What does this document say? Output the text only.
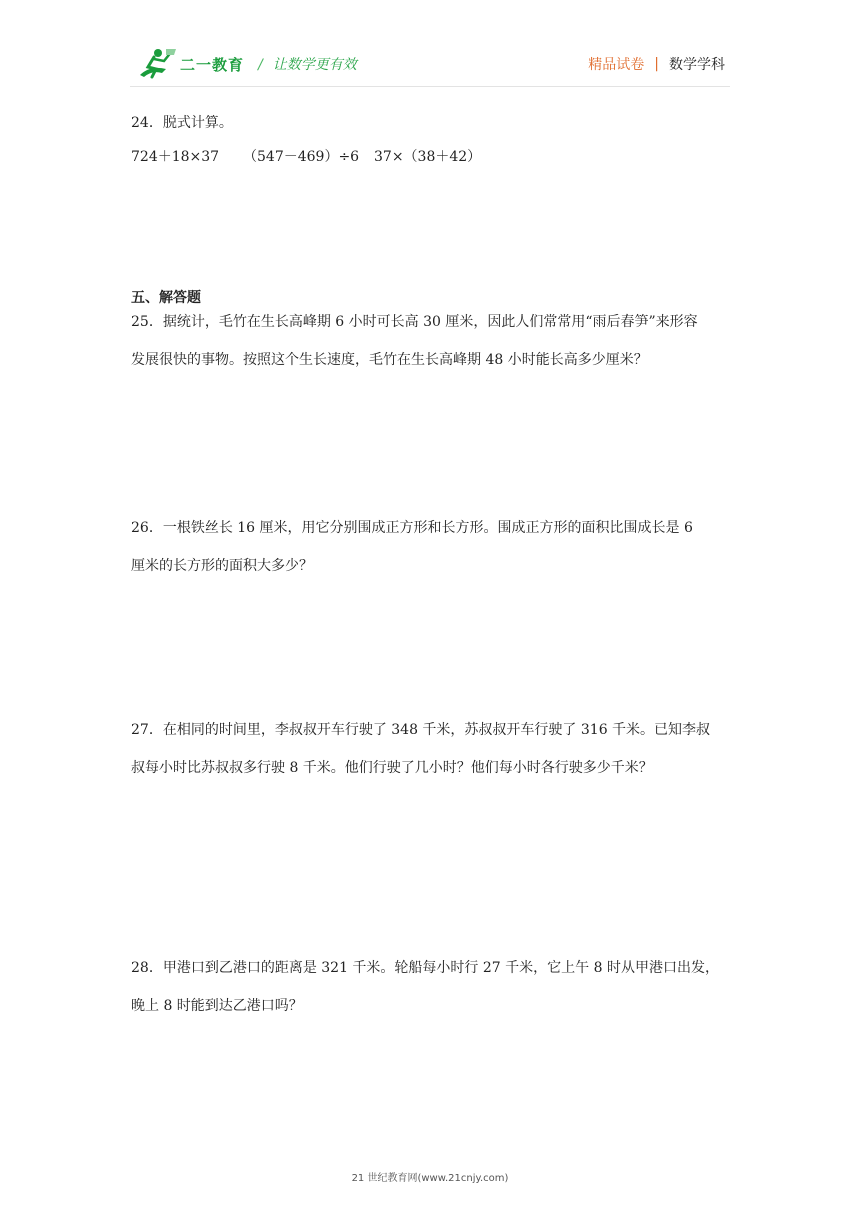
二一教育 / 让数学更有效	精品试卷 | 数学学科
24．脱式计算。
724＋18×37 （547－469）÷6 37×（38＋42）
五、解答题

25．据统计，毛竹在生长高峰期 6 小时可长高 30 厘米，因此人们常常用“雨后春笋”来形容

发展很快的事物。按照这个生长速度，毛竹在生长高峰期 48 小时能长高多少厘米？

26．一根铁丝长 16 厘米，用它分别围成正方形和长方形。围成正方形的面积比围成长是 6

厘米的长方形的面积大多少？

27．在相同的时间里，李叔叔开车行驶了 348 千米，苏叔叔开车行驶了 316 千米。已知李叔

叔每小时比苏叔叔多行驶 8 千米。他们行驶了几小时？他们每小时各行驶多少千米？

28．甲港口到乙港口的距离是 321 千米。轮船每小时行 27 千米，它上午 8 时从甲港口出发，

晚上 8 时能到达乙港口吗？

21 世纪教育网(www.21cnjy.com)
